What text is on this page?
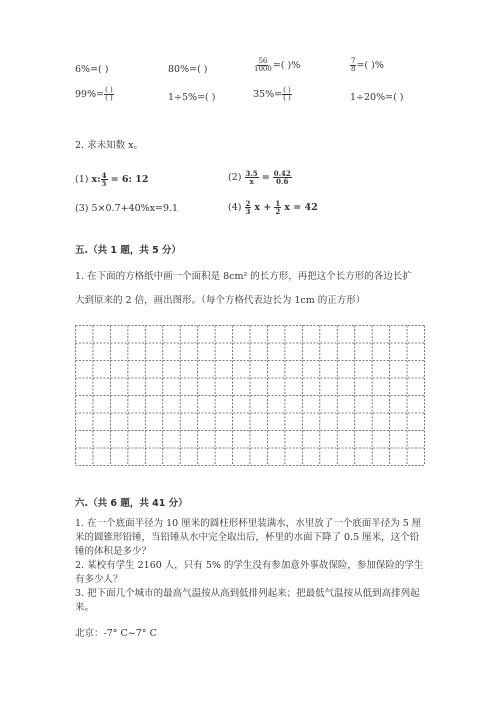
6%=( )	80%=( )	$\frac{56}{1000}$ =( )%	$\frac{7}{8}$ =( )%
$99\%= \frac{( )}{( )}$	1÷5%=( )	$35\%= \frac{( )}{( )}$	1÷20%=( )
2. 求未知数 x。
(1) x: $\frac{4}{5} = 6$: 12	$(2) \frac{3.5}{x} = \frac{0.42}{0.6}$
(3) 5×0.7+40%x=9.1	$(4) \frac{2}{3}$ $x + \frac{1}{2}$ x = 42
五.（共 1 题，共 5 分）
1. 在下面的方格纸中画一个面积是 8cm² 的长方形，再把这个长方形的各边长扩
大到原来的 2 倍，画出图形。（每个方格代表边长为 1cm 的正方形）
六.（共 6 题，共 41 分）
1. 在一个底面半径为 10 厘米的圆柱形杯里装满水，水里放了一个底面半径为 5 厘米的圆锥形铅锤，当铅锤从水中完全取出后，杯里的水面下降了 0.5 厘米，这个铅锤的体积是多少？
2. 某校有学生 2160 人，只有 5% 的学生没有参加意外事故保险，参加保险的学生有多少人？
3. 把下面几个城市的最高气温按从高到低排列起来；把最低气温按从低到高排列起来。
北京：-7° C~7° C
